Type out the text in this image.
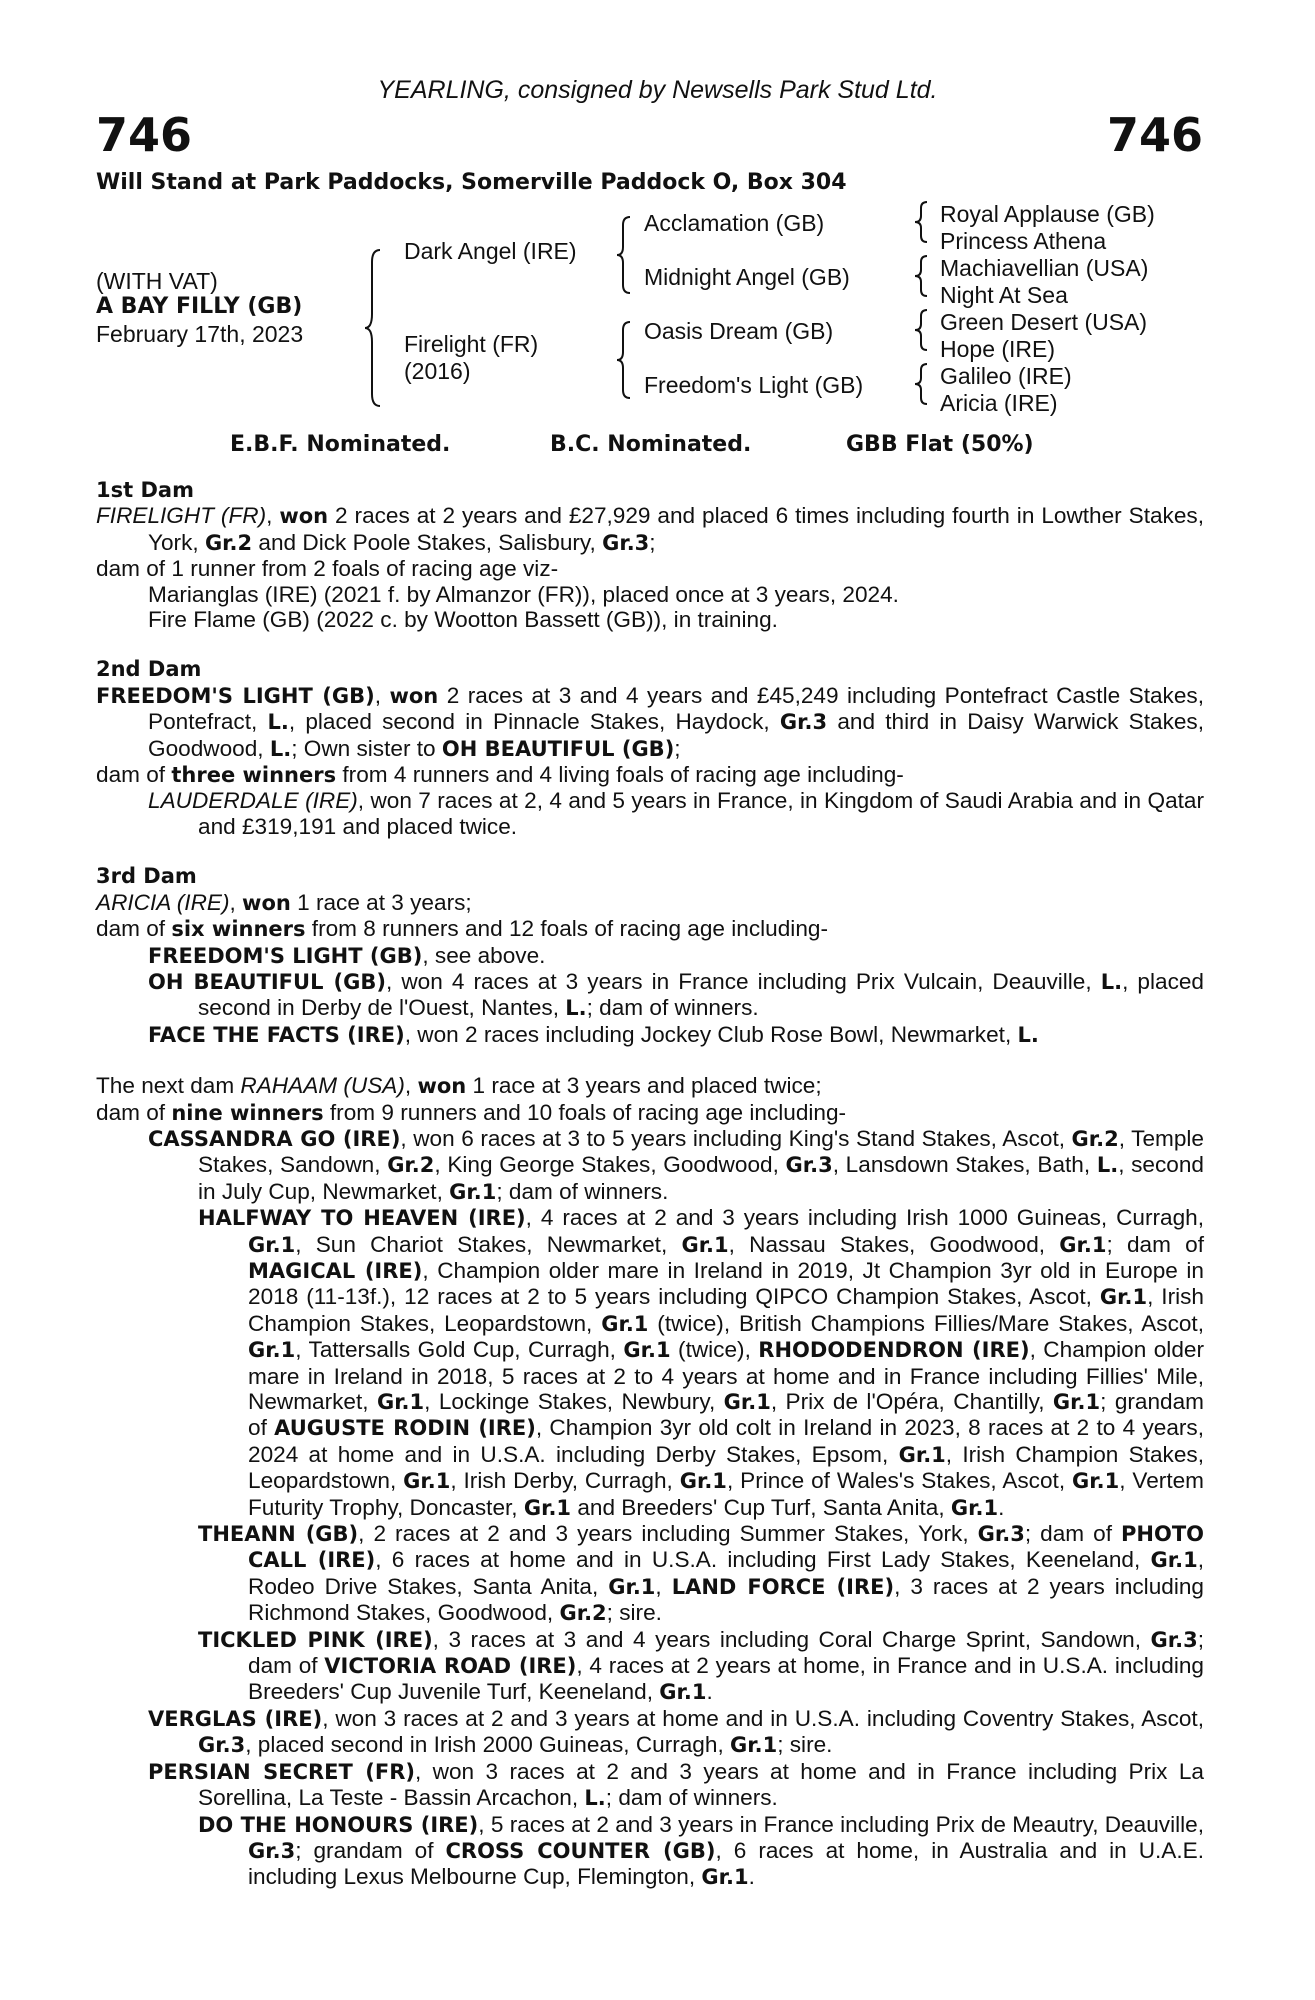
YEARLING, consigned by Newsells Park Stud Ltd.
746	746
Will Stand at Park Paddocks, Somerville Paddock O, Box 304
(WITH VAT)
A BAY FILLY (GB)
February 17th, 2023
Dark Angel (IRE)
Firelight (FR)
(2016)
Acclamation (GB)
Midnight Angel (GB)
Oasis Dream (GB)
Freedom's Light (GB)
Royal Applause (GB)
Princess Athena
Machiavellian (USA)
Night At Sea
Green Desert (USA)
Hope (IRE)
Galileo (IRE)
Aricia (IRE)
E.B.F. Nominated.	B.C. Nominated.	GBB Flat (50%)

1st Dam

FIRELIGHT (FR), won 2 races at 2 years and £27,929 and placed 6 times including fourth in Lowther Stakes, York, Gr.2 and Dick Poole Stakes, Salisbury, Gr.3;

dam of 1 runner from 2 foals of racing age viz-

Marianglas (IRE) (2021 f. by Almanzor (FR)), placed once at 3 years, 2024.

Fire Flame (GB) (2022 c. by Wootton Bassett (GB)), in training.

2nd Dam

FREEDOM'S LIGHT (GB), won 2 races at 3 and 4 years and £45,249 including Pontefract Castle Stakes, Pontefract, L., placed second in Pinnacle Stakes, Haydock, Gr.3 and third in Daisy Warwick Stakes, Goodwood, L.; Own sister to OH BEAUTIFUL (GB);

dam of three winners from 4 runners and 4 living foals of racing age including-

LAUDERDALE (IRE), won 7 races at 2, 4 and 5 years in France, in Kingdom of Saudi Arabia and in Qatar and £319,191 and placed twice.

3rd Dam

ARICIA (IRE), won 1 race at 3 years;

dam of six winners from 8 runners and 12 foals of racing age including-

FREEDOM'S LIGHT (GB), see above.

OH BEAUTIFUL (GB), won 4 races at 3 years in France including Prix Vulcain, Deauville, L., placed second in Derby de l'Ouest, Nantes, L.; dam of winners.

FACE THE FACTS (IRE), won 2 races including Jockey Club Rose Bowl, Newmarket, L.

The next dam RAHAAM (USA), won 1 race at 3 years and placed twice;

dam of nine winners from 9 runners and 10 foals of racing age including-

CASSANDRA GO (IRE), won 6 races at 3 to 5 years including King's Stand Stakes, Ascot, Gr.2, Temple Stakes, Sandown, Gr.2, King George Stakes, Goodwood, Gr.3, Lansdown Stakes, Bath, L., second in July Cup, Newmarket, Gr.1; dam of winners.

HALFWAY TO HEAVEN (IRE), 4 races at 2 and 3 years including Irish 1000 Guineas, Curragh, Gr.1, Sun Chariot Stakes, Newmarket, Gr.1, Nassau Stakes, Goodwood, Gr.1; dam of MAGICAL (IRE), Champion older mare in Ireland in 2019, Jt Champion 3yr old in Europe in 2018 (11-13f.), 12 races at 2 to 5 years including QIPCO Champion Stakes, Ascot, Gr.1, Irish Champion Stakes, Leopardstown, Gr.1 (twice), British Champions Fillies/Mare Stakes, Ascot, Gr.1, Tattersalls Gold Cup, Curragh, Gr.1 (twice), RHODODENDRON (IRE), Champion older mare in Ireland in 2018, 5 races at 2 to 4 years at home and in France including Fillies' Mile, Newmarket, Gr.1, Lockinge Stakes, Newbury, Gr.1, Prix de l'Opéra, Chantilly, Gr.1; grandam of AUGUSTE RODIN (IRE), Champion 3yr old colt in Ireland in 2023, 8 races at 2 to 4 years, 2024 at home and in U.S.A. including Derby Stakes, Epsom, Gr.1, Irish Champion Stakes, Leopardstown, Gr.1, Irish Derby, Curragh, Gr.1, Prince of Wales's Stakes, Ascot, Gr.1, Vertem Futurity Trophy, Doncaster, Gr.1 and Breeders' Cup Turf, Santa Anita, Gr.1.

THEANN (GB), 2 races at 2 and 3 years including Summer Stakes, York, Gr.3; dam of PHOTO CALL (IRE), 6 races at home and in U.S.A. including First Lady Stakes, Keeneland, Gr.1, Rodeo Drive Stakes, Santa Anita, Gr.1, LAND FORCE (IRE), 3 races at 2 years including Richmond Stakes, Goodwood, Gr.2; sire.

TICKLED PINK (IRE), 3 races at 3 and 4 years including Coral Charge Sprint, Sandown, Gr.3; dam of VICTORIA ROAD (IRE), 4 races at 2 years at home, in France and in U.S.A. including Breeders' Cup Juvenile Turf, Keeneland, Gr.1.

VERGLAS (IRE), won 3 races at 2 and 3 years at home and in U.S.A. including Coventry Stakes, Ascot, Gr.3, placed second in Irish 2000 Guineas, Curragh, Gr.1; sire.

PERSIAN SECRET (FR), won 3 races at 2 and 3 years at home and in France including Prix La Sorellina, La Teste - Bassin Arcachon, L.; dam of winners.

DO THE HONOURS (IRE), 5 races at 2 and 3 years in France including Prix de Meautry, Deauville, Gr.3; grandam of CROSS COUNTER (GB), 6 races at home, in Australia and in U.A.E. including Lexus Melbourne Cup, Flemington, Gr.1.
